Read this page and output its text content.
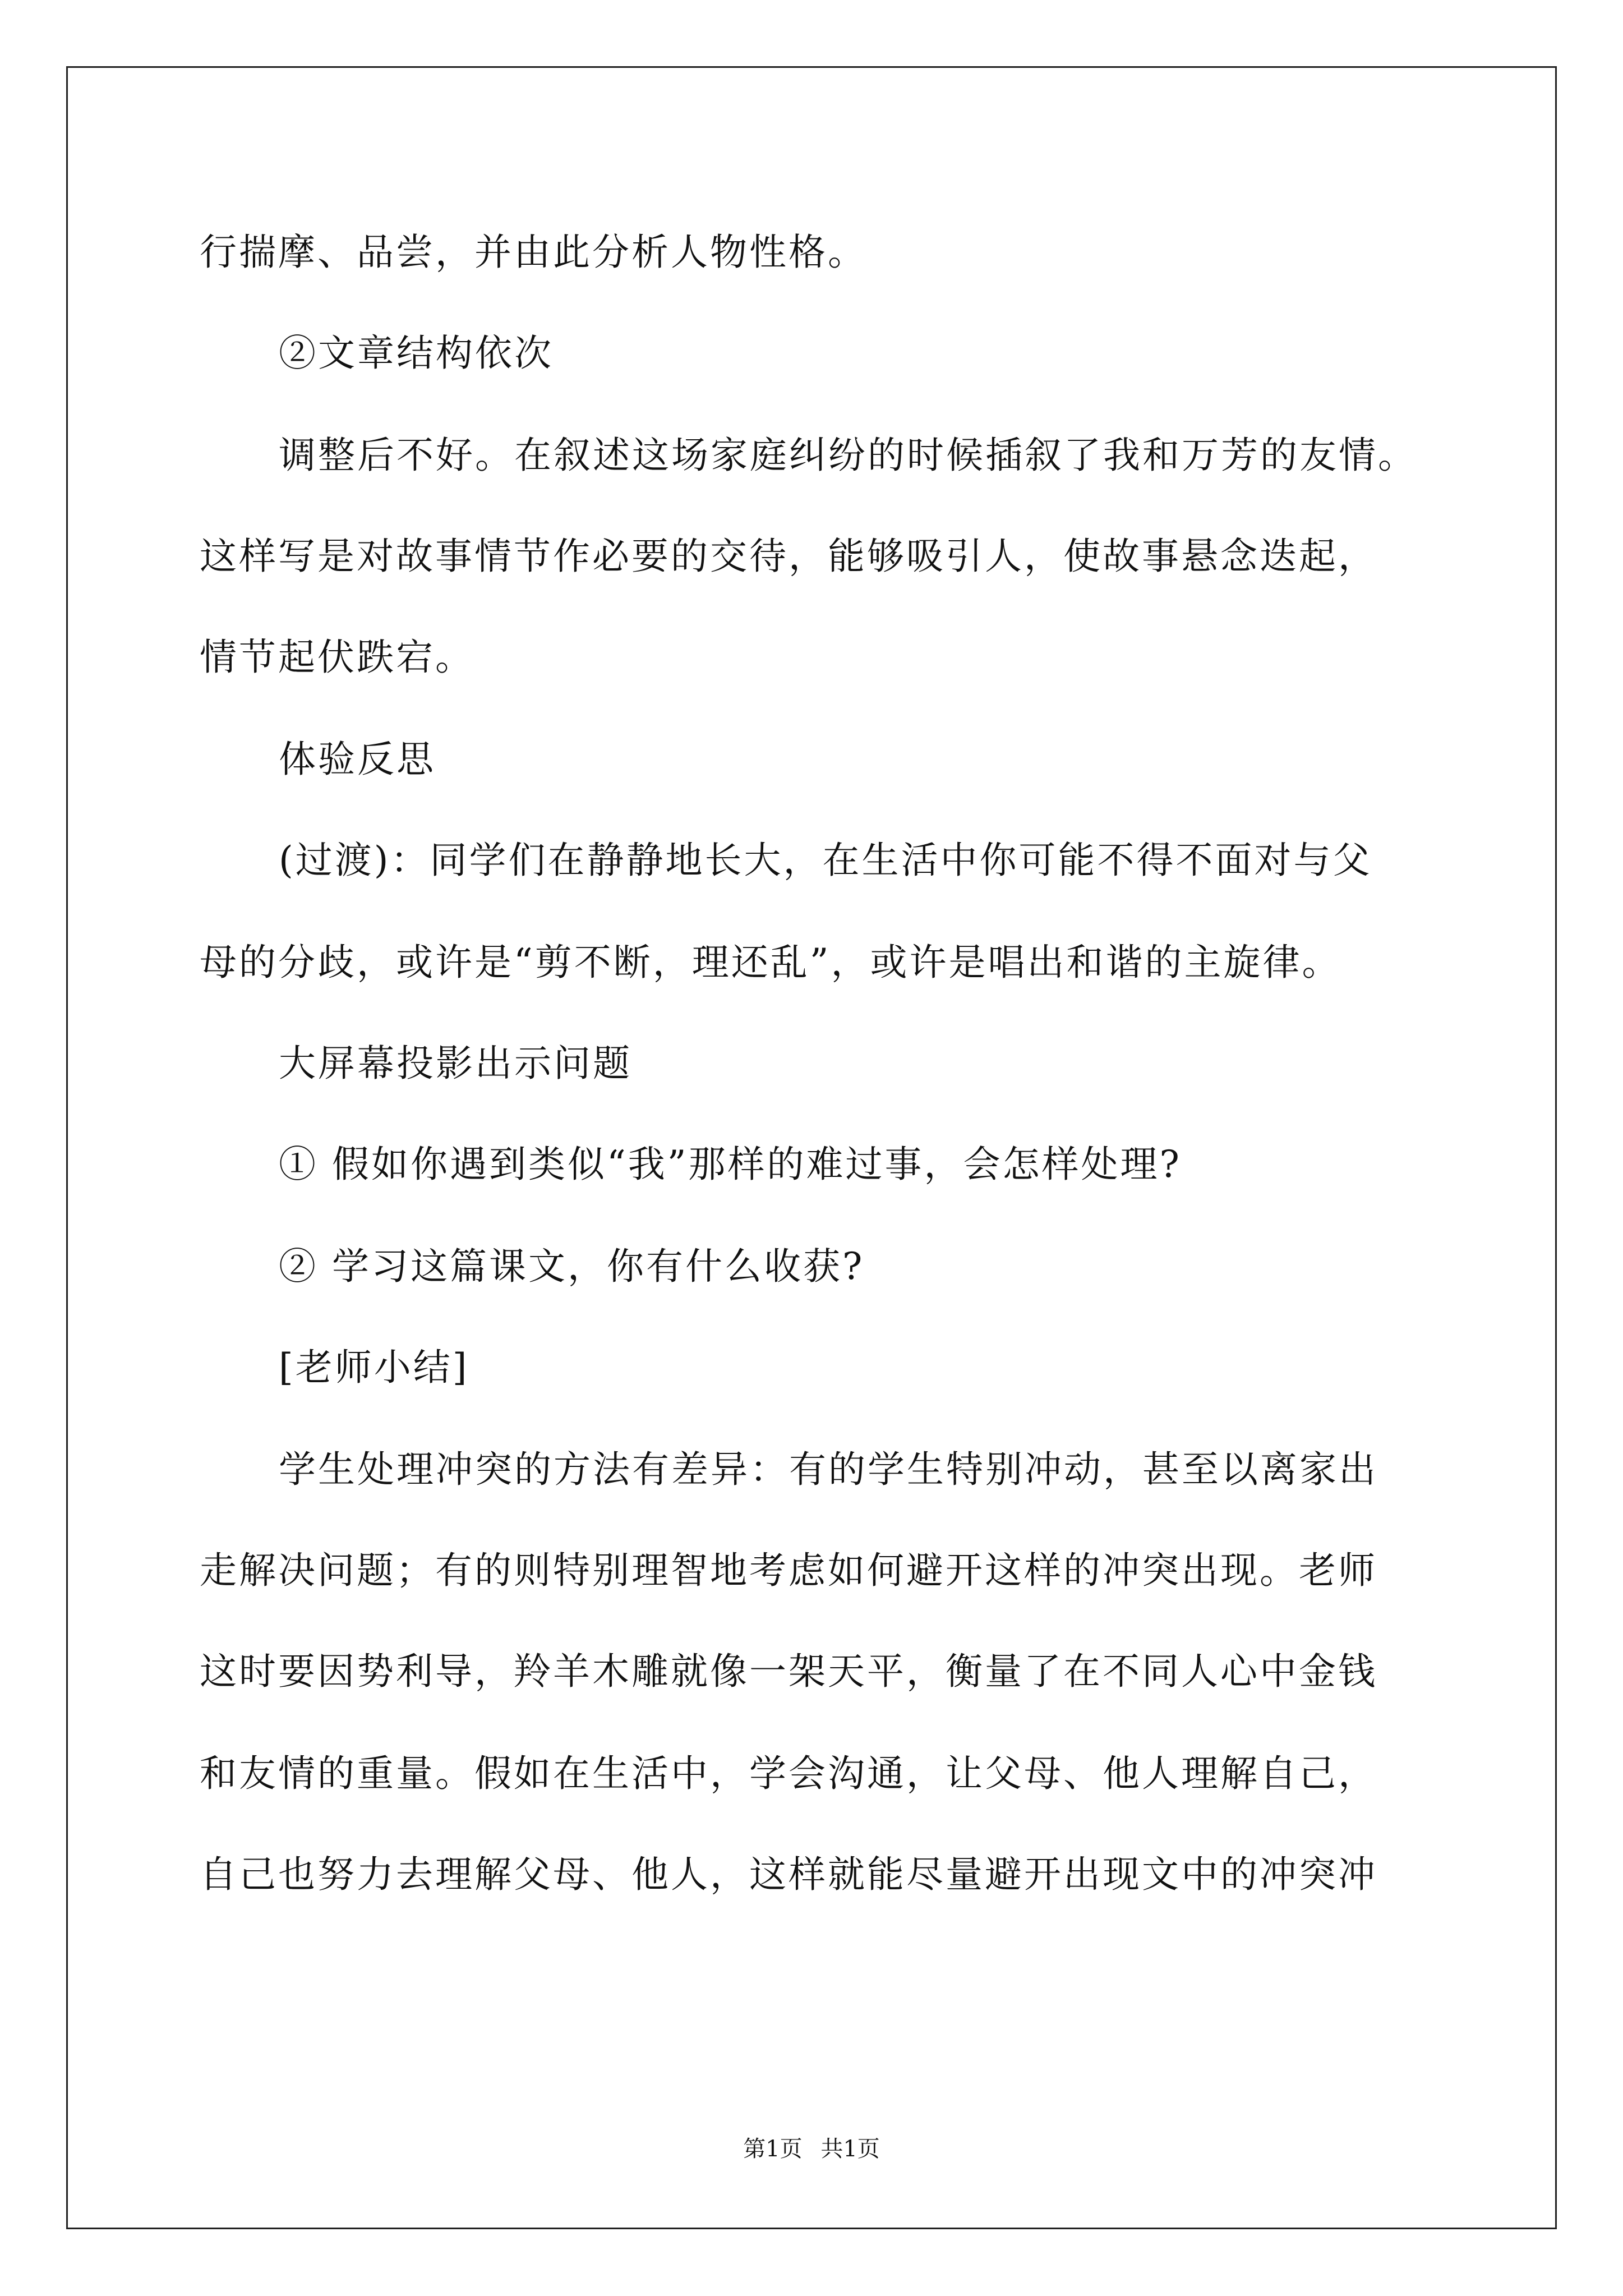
行揣摩、品尝，并由此分析人物性格。
②文章结构依次
调整后不好。在叙述这场家庭纠纷的时候插叙了我和万芳的友情。
这样写是对故事情节作必要的交待，能够吸引人，使故事悬念迭起，
情节起伏跌宕。
体验反思
(过渡)：同学们在静静地长大，在生活中你可能不得不面对与父
母的分歧，或许是“剪不断，理还乱”，或许是唱出和谐的主旋律。
大屏幕投影出示问题
① 假如你遇到类似“我”那样的难过事，会怎样处理?
② 学习这篇课文，你有什么收获?
[老师小结]
学生处理冲突的方法有差异：有的学生特别冲动，甚至以离家出
走解决问题；有的则特别理智地考虑如何避开这样的冲突出现。老师
这时要因势利导，羚羊木雕就像一架天平，衡量了在不同人心中金钱
和友情的重量。假如在生活中，学会沟通，让父母、他人理解自己，
自己也努力去理解父母、他人，这样就能尽量避开出现文中的冲突冲
第1页 共1页
